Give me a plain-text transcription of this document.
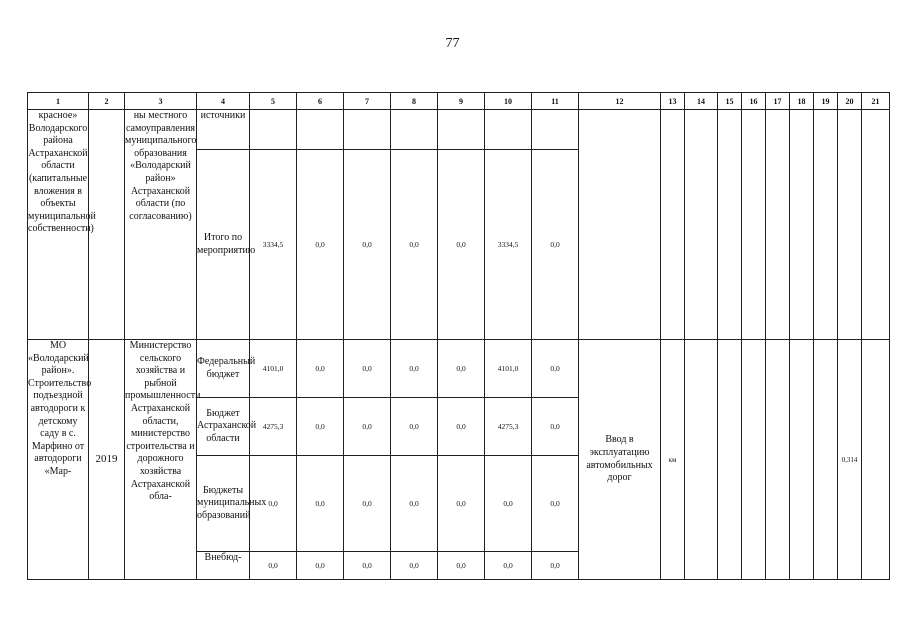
77
1	2	3	4	5	6	7	8	9	10	11	12	13	14	15	16	17	18	19	20	21
красное» Володарского района Астраханской области (капитальные вложения в объекты муниципальной собственности)		ны местного самоуправления муниципального образования «Володарский район» Астраханской области (по согласованию)	источники																	
			Итого по мероприятию	3334,5	0,0	0,0	0,0	0,0	3334,5	0,0										
МО «Володарский район». Строительство подъездной автодороги к детскому саду в с. Марфино от автодороги «Мар-	2019	Министерство сельского хозяйства и рыбной промышленности Астраханской области, министерство строительства и дорожного хозяйства Астраханской обла-	Федеральный бюджет	4101,0	0,0	0,0	0,0	0,0	4101,0	0,0	Ввод в эксплуатацию автомобильных дорог	км							0,314	
			Бюджет Астраханской области	4275,3	0,0	0,0	0,0	0,0	4275,3	0,0										
			Бюджеты муниципальных образований	0,0	0,0	0,0	0,0	0,0	0,0	0,0										
			Внебюд-	0,0	0,0	0,0	0,0	0,0	0,0	0,0										
